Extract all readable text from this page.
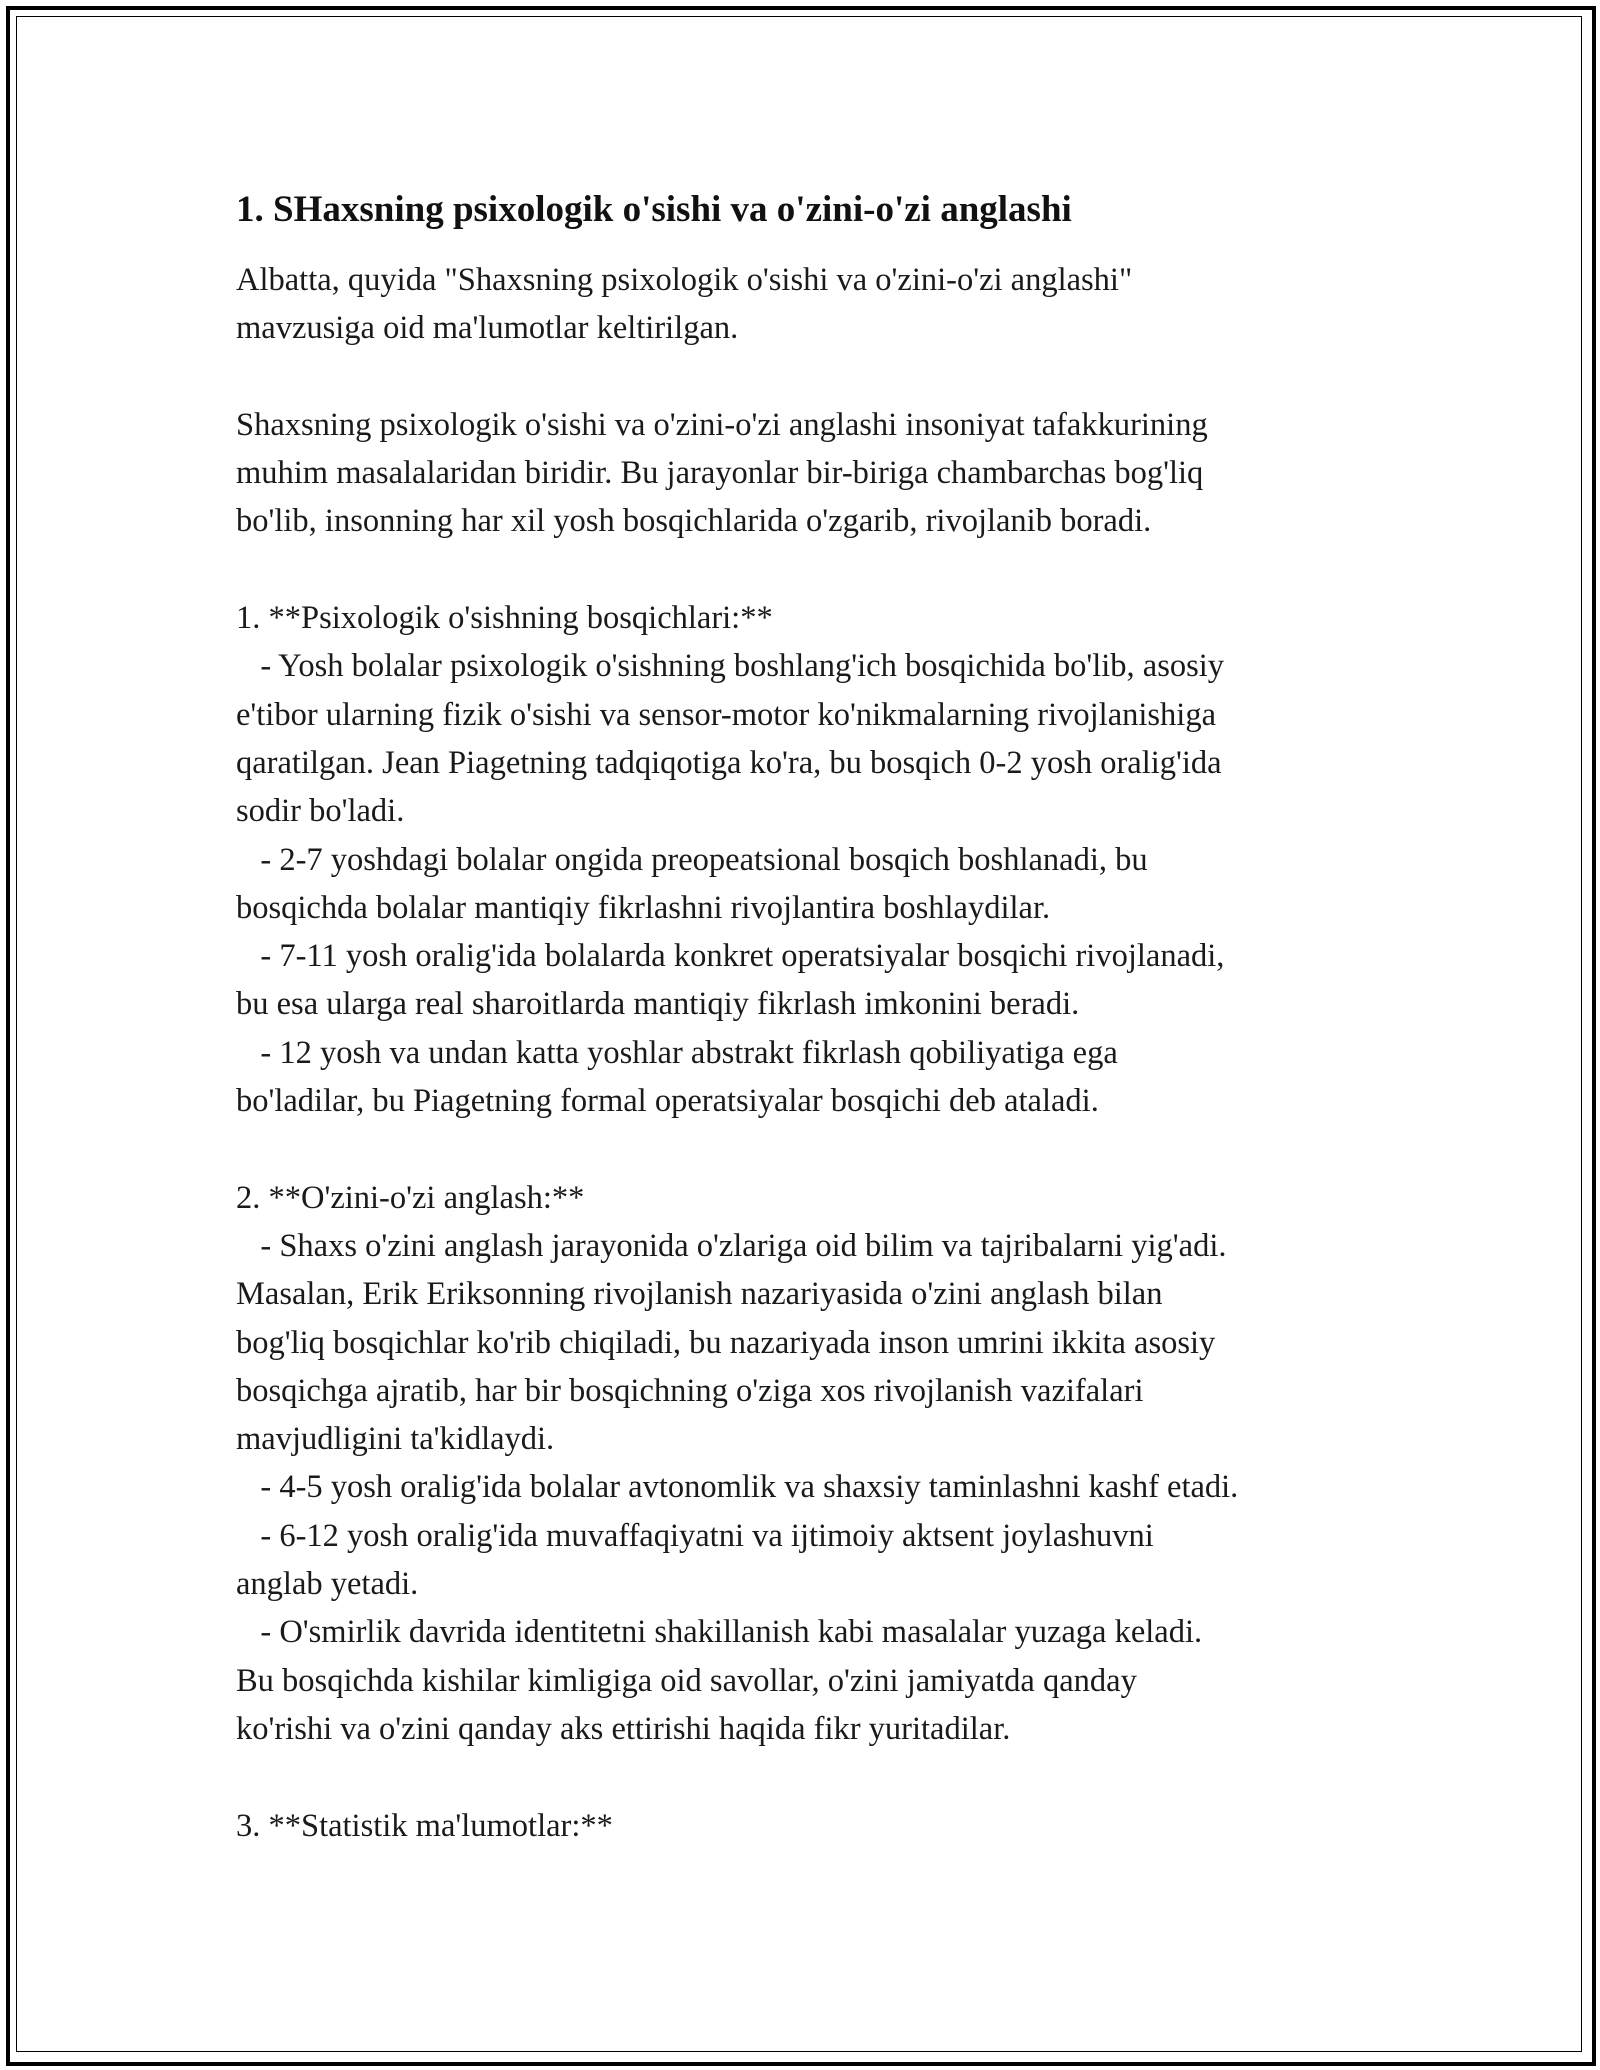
1. SHaxsning psixologik o'sishi va o'zini-o'zi anglashi
Albatta, quyida "Shaxsning psixologik o'sishi va o'zini-o'zi anglashi"
mavzusiga oid ma'lumotlar keltirilgan.

Shaxsning psixologik o'sishi va o'zini-o'zi anglashi insoniyat tafakkurining
muhim masalalaridan biridir. Bu jarayonlar bir-biriga chambarchas bog'liq
bo'lib, insonning har xil yosh bosqichlarida o'zgarib, rivojlanib boradi.

1. **Psixologik o'sishning bosqichlari:**
- Yosh bolalar psixologik o'sishning boshlang'ich bosqichida bo'lib, asosiy
e'tibor ularning fizik o'sishi va sensor-motor ko'nikmalarning rivojlanishiga
qaratilgan. Jean Piagetning tadqiqotiga ko'ra, bu bosqich 0-2 yosh oralig'ida
sodir bo'ladi.
- 2-7 yoshdagi bolalar ongida preopeatsional bosqich boshlanadi, bu
bosqichda bolalar mantiqiy fikrlashni rivojlantira boshlaydilar.
- 7-11 yosh oralig'ida bolalarda konkret operatsiyalar bosqichi rivojlanadi,
bu esa ularga real sharoitlarda mantiqiy fikrlash imkonini beradi.
- 12 yosh va undan katta yoshlar abstrakt fikrlash qobiliyatiga ega
bo'ladilar, bu Piagetning formal operatsiyalar bosqichi deb ataladi.

2. **O'zini-o'zi anglash:**
- Shaxs o'zini anglash jarayonida o'zlariga oid bilim va tajribalarni yig'adi.
Masalan, Erik Eriksonning rivojlanish nazariyasida o'zini anglash bilan
bog'liq bosqichlar ko'rib chiqiladi, bu nazariyada inson umrini ikkita asosiy
bosqichga ajratib, har bir bosqichning o'ziga xos rivojlanish vazifalari
mavjudligini ta'kidlaydi.
- 4-5 yosh oralig'ida bolalar avtonomlik va shaxsiy taminlashni kashf etadi.
- 6-12 yosh oralig'ida muvaffaqiyatni va ijtimoiy aktsent joylashuvni
anglab yetadi.
- O'smirlik davrida identitetni shakillanish kabi masalalar yuzaga keladi.
Bu bosqichda kishilar kimligiga oid savollar, o'zini jamiyatda qanday
ko'rishi va o'zini qanday aks ettirishi haqida fikr yuritadilar.

3. **Statistik ma'lumotlar:**
